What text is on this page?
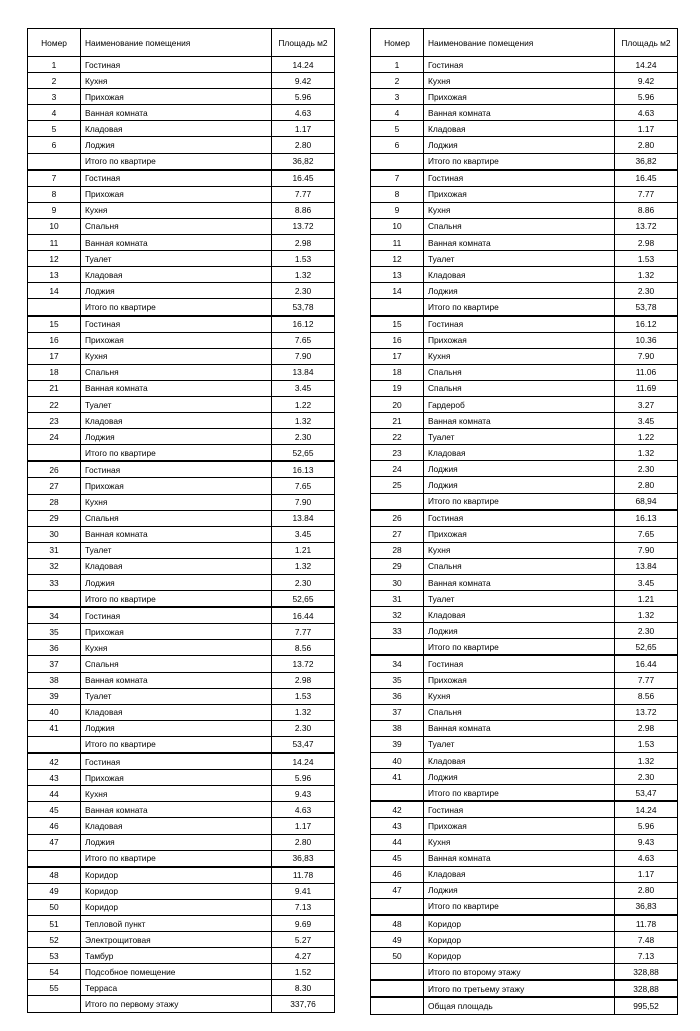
Номер	Наименование помещения	Площадь м2
1	Гостиная	14.24
2	Кухня	9.42
3	Прихожая	5.96
4	Ванная комната	4.63
5	Кладовая	1.17
6	Лоджия	2.80
	Итого по квартире	36,82
7	Гостиная	16.45
8	Прихожая	7.77
9	Кухня	8.86
10	Спальня	13.72
11	Ванная комната	2.98
12	Туалет	1.53
13	Кладовая	1.32
14	Лоджия	2.30
	Итого по квартире	53,78
15	Гостиная	16.12
16	Прихожая	7.65
17	Кухня	7.90
18	Спальня	13.84
21	Ванная комната	3.45
22	Туалет	1.22
23	Кладовая	1.32
24	Лоджия	2.30
	Итого по квартире	52,65
26	Гостиная	16.13
27	Прихожая	7.65
28	Кухня	7.90
29	Спальня	13.84
30	Ванная комната	3.45
31	Туалет	1.21
32	Кладовая	1.32
33	Лоджия	2.30
	Итого по квартире	52,65
34	Гостиная	16.44
35	Прихожая	7.77
36	Кухня	8.56
37	Спальня	13.72
38	Ванная комната	2.98
39	Туалет	1.53
40	Кладовая	1.32
41	Лоджия	2.30
	Итого по квартире	53,47
42	Гостиная	14.24
43	Прихожая	5.96
44	Кухня	9.43
45	Ванная комната	4.63
46	Кладовая	1.17
47	Лоджия	2.80
	Итого по квартире	36,83
48	Коридор	11.78
49	Коридор	9.41
50	Коридор	7.13
51	Тепловой пункт	9.69
52	Электрощитовая	5.27
53	Тамбур	4.27
54	Подсобное помещение	1.52
55	Терраса	8.30
	Итого по первому этажу	337,76
Номер	Наименование помещения	Площадь м2
1	Гостиная	14.24
2	Кухня	9.42
3	Прихожая	5.96
4	Ванная комната	4.63
5	Кладовая	1.17
6	Лоджия	2.80
	Итого по квартире	36,82
7	Гостиная	16.45
8	Прихожая	7.77
9	Кухня	8.86
10	Спальня	13.72
11	Ванная комната	2.98
12	Туалет	1.53
13	Кладовая	1.32
14	Лоджия	2.30
	Итого по квартире	53,78
15	Гостиная	16.12
16	Прихожая	10.36
17	Кухня	7.90
18	Спальня	11.06
19	Спальня	11.69
20	Гардероб	3.27
21	Ванная комната	3.45
22	Туалет	1.22
23	Кладовая	1.32
24	Лоджия	2.30
25	Лоджия	2.80
	Итого по квартире	68,94
26	Гостиная	16.13
27	Прихожая	7.65
28	Кухня	7.90
29	Спальня	13.84
30	Ванная комната	3.45
31	Туалет	1.21
32	Кладовая	1.32
33	Лоджия	2.30
	Итого по квартире	52,65
34	Гостиная	16.44
35	Прихожая	7.77
36	Кухня	8.56
37	Спальня	13.72
38	Ванная комната	2.98
39	Туалет	1.53
40	Кладовая	1.32
41	Лоджия	2.30
	Итого по квартире	53,47
42	Гостиная	14.24
43	Прихожая	5.96
44	Кухня	9.43
45	Ванная комната	4.63
46	Кладовая	1.17
47	Лоджия	2.80
	Итого по квартире	36,83
48	Коридор	11.78
49	Коридор	7.48
50	Коридор	7.13
	Итого по второму этажу	328,88
	Итого по третьему этажу	328,88
	Общая площадь	995,52
